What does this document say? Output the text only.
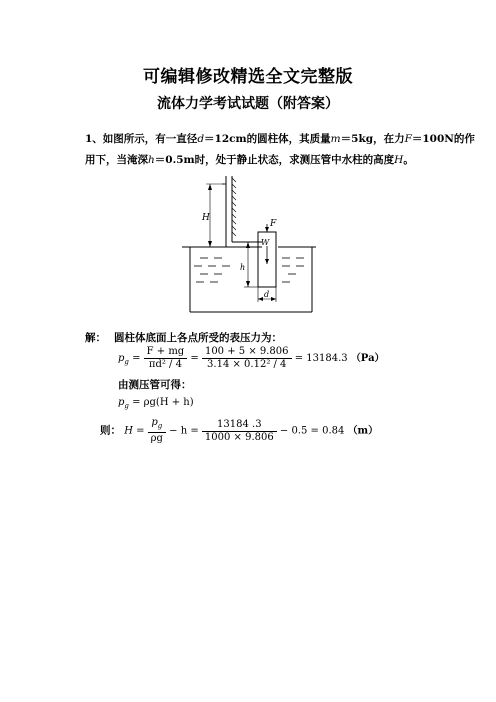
可编辑修改精选全文完整版
流体力学考试试题（附答案）
1、如图所示，有一直径d＝12cm的圆柱体，其质量m＝5kg，在力F＝100N的作
用下，当淹深h＝0.5m时，处于静止状态，求测压管中水柱的高度H。
H
F
W
h
d
解： 圆柱体底面上各点所受的表压力为：
$p_g = \frac{F + mg}{\text{πd² / 4}} = \frac{100 + 5 \times 9.806}{\text{3.14 × 0.12² / 4}} = 13184.3$ （Pa）
由测压管可得：
$p_g = \rho g(H + h)$
则： $H = \frac{p_g}{\rho g} - h = \frac{13184 .3}{1000 \times 9.806} - 0.5 = 0.84$ （m）
